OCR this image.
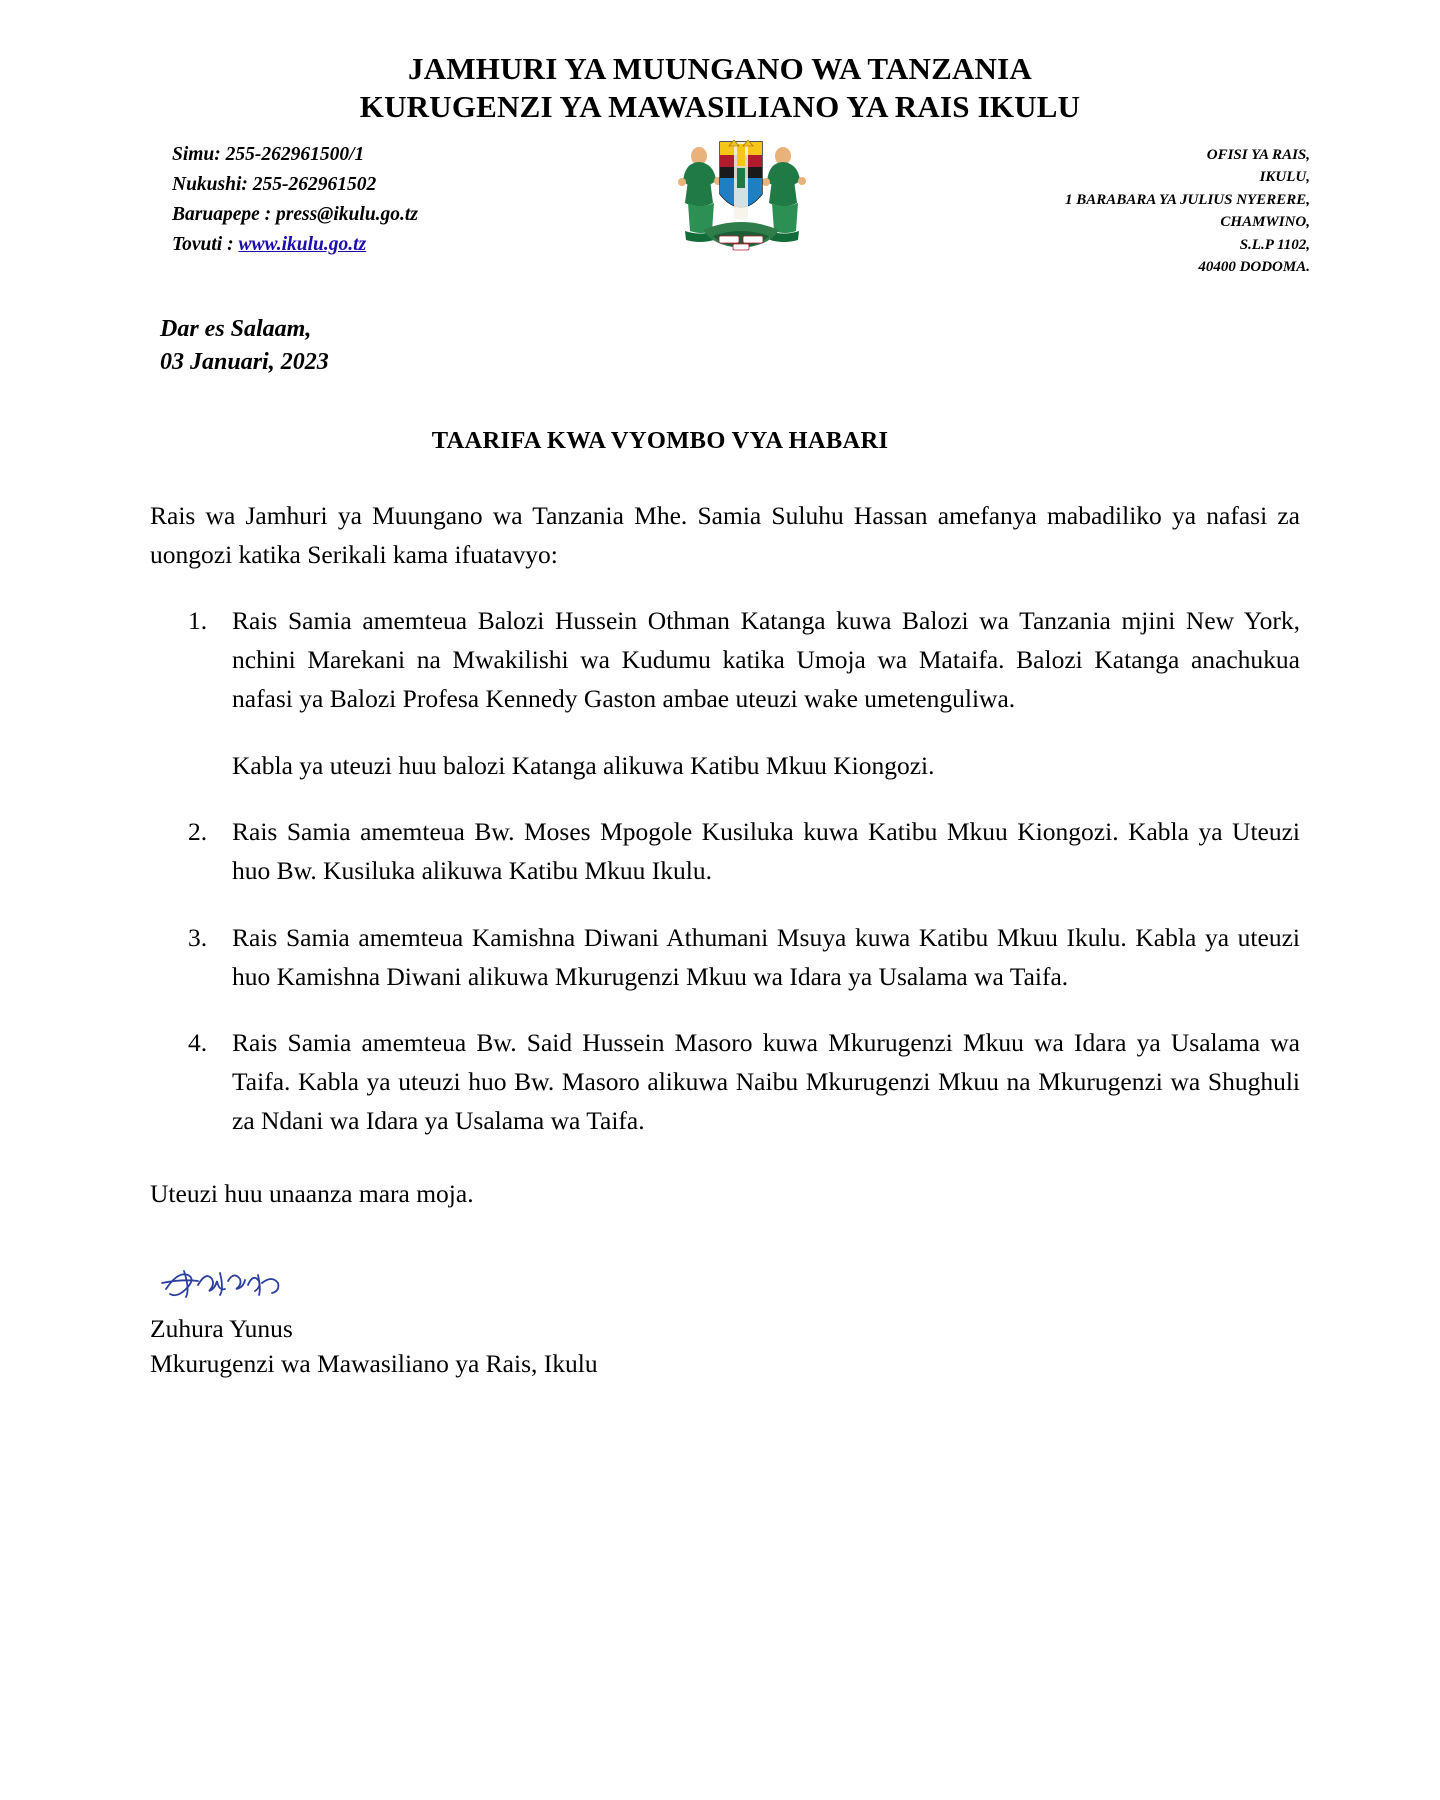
JAMHURI YA MUUNGANO WA TANZANIA
KURUGENZI YA MAWASILIANO YA RAIS IKULU
Simu: 255-262961500/1
Nukushi: 255-262961502
Baruapepe : press@ikulu.go.tz
Tovuti : www.ikulu.go.tz
OFISI YA RAIS,
IKULU,
1 BARABARA YA JULIUS NYERERE,
CHAMWINO,
S.L.P 1102,
40400 DODOMA.
Dar es Salaam,
03 Januari, 2023
TAARIFA KWA VYOMBO VYA HABARI

Rais wa Jamhuri ya Muungano wa Tanzania Mhe. Samia Suluhu Hassan amefanya mabadiliko ya nafasi za uongozi katika Serikali kama ifuatavyo:

Rais Samia amemteua Balozi Hussein Othman Katanga kuwa Balozi wa Tanzania mjini New York, nchini Marekani na Mwakilishi wa Kudumu katika Umoja wa Mataifa. Balozi Katanga anachukua nafasi ya Balozi Profesa Kennedy Gaston ambae uteuzi wake umetenguliwa.

Kabla ya uteuzi huu balozi Katanga alikuwa Katibu Mkuu Kiongozi.

Rais Samia amemteua Bw. Moses Mpogole Kusiluka kuwa Katibu Mkuu Kiongozi. Kabla ya Uteuzi huo Bw. Kusiluka alikuwa Katibu Mkuu Ikulu.

Rais Samia amemteua Kamishna Diwani Athumani Msuya kuwa Katibu Mkuu Ikulu. Kabla ya uteuzi huo Kamishna Diwani alikuwa Mkurugenzi Mkuu wa Idara ya Usalama wa Taifa.

Rais Samia amemteua Bw. Said Hussein Masoro kuwa Mkurugenzi Mkuu wa Idara ya Usalama wa Taifa. Kabla ya uteuzi huo Bw. Masoro alikuwa Naibu Mkurugenzi Mkuu na Mkurugenzi wa Shughuli za Ndani wa Idara ya Usalama wa Taifa.

Uteuzi huu unaanza mara moja.

Zuhura Yunus
Mkurugenzi wa Mawasiliano ya Rais, Ikulu
